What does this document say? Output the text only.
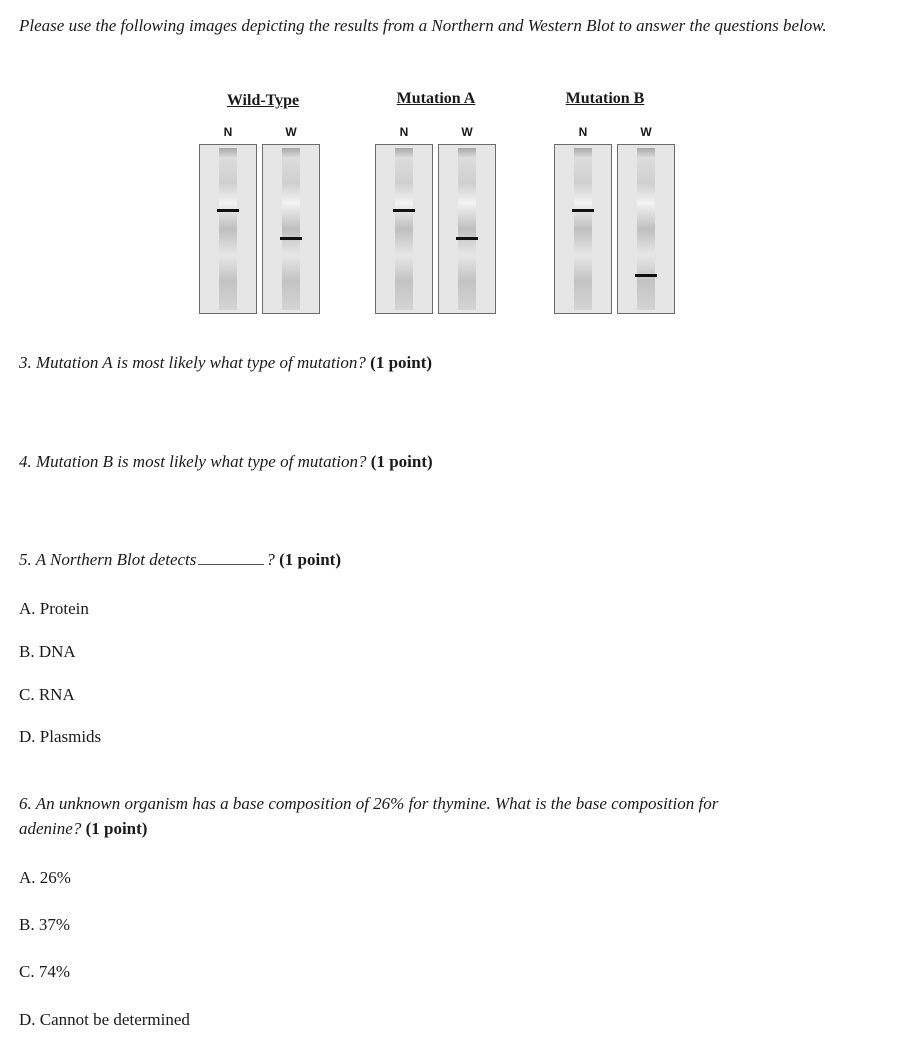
Please use the following images depicting the results from a Northern and Western Blot to answer the questions below.
Wild-Type
N	W
Mutation A
N	W
Mutation B
N	W
3. Mutation A is most likely what type of mutation? (1 point)
4. Mutation B is most likely what type of mutation? (1 point)
5. A Northern Blot detects	? (1 point)
A. Protein
B. DNA
C. RNA
D. Plasmids
6. An unknown organism has a base composition of 26% for thymine. What is the base composition for
adenine? (1 point)
A. 26%
B. 37%
C. 74%
D. Cannot be determined
